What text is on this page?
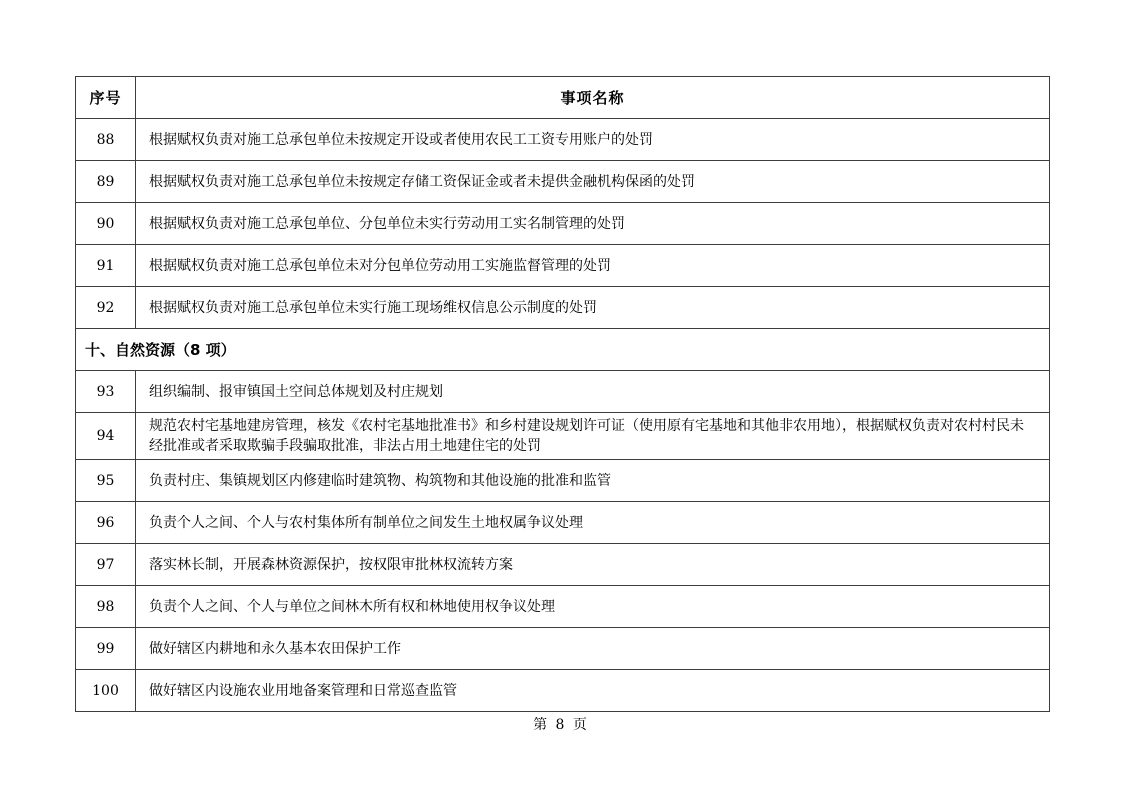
序号	事项名称
88	根据赋权负责对施工总承包单位未按规定开设或者使用农民工工资专用账户的处罚
89	根据赋权负责对施工总承包单位未按规定存储工资保证金或者未提供金融机构保函的处罚
90	根据赋权负责对施工总承包单位、分包单位未实行劳动用工实名制管理的处罚
91	根据赋权负责对施工总承包单位未对分包单位劳动用工实施监督管理的处罚
92	根据赋权负责对施工总承包单位未实行施工现场维权信息公示制度的处罚
十、自然资源（8 项）	
93	组织编制、报审镇国土空间总体规划及村庄规划
94	规范农村宅基地建房管理，核发《农村宅基地批准书》和乡村建设规划许可证（使用原有宅基地和其他非农用地），根据赋权负责对农村村民未经批准或者采取欺骗手段骗取批准，非法占用土地建住宅的处罚
95	负责村庄、集镇规划区内修建临时建筑物、构筑物和其他设施的批准和监管
96	负责个人之间、个人与农村集体所有制单位之间发生土地权属争议处理
97	落实林长制，开展森林资源保护，按权限审批林权流转方案
98	负责个人之间、个人与单位之间林木所有权和林地使用权争议处理
99	做好辖区内耕地和永久基本农田保护工作
100	做好辖区内设施农业用地备案管理和日常巡查监管
第 8 页
